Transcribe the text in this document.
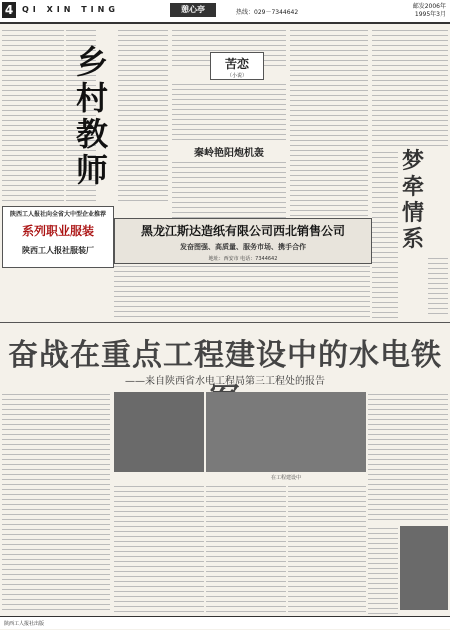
4	QI XIN TING	憩心亭	热线：029－7344642
邮发2006年
1995年3月
乡村教师
苦恋
（小说）
秦岭艳阳炮机轰	梦牵情系
陕西工人报社向全省大中型企业推荐
系列职业服装
陕西工人报社服装厂
黑龙江斯达造纸有限公司西北销售公司
发奋图强、高质量、服务市场、携手合作
地址：西安市 电话：7344642
奋战在重点工程建设中的水电铁
——来自陕西省水电工程局第三工程处的报告
在工程建设中
陕西工人报社出版
